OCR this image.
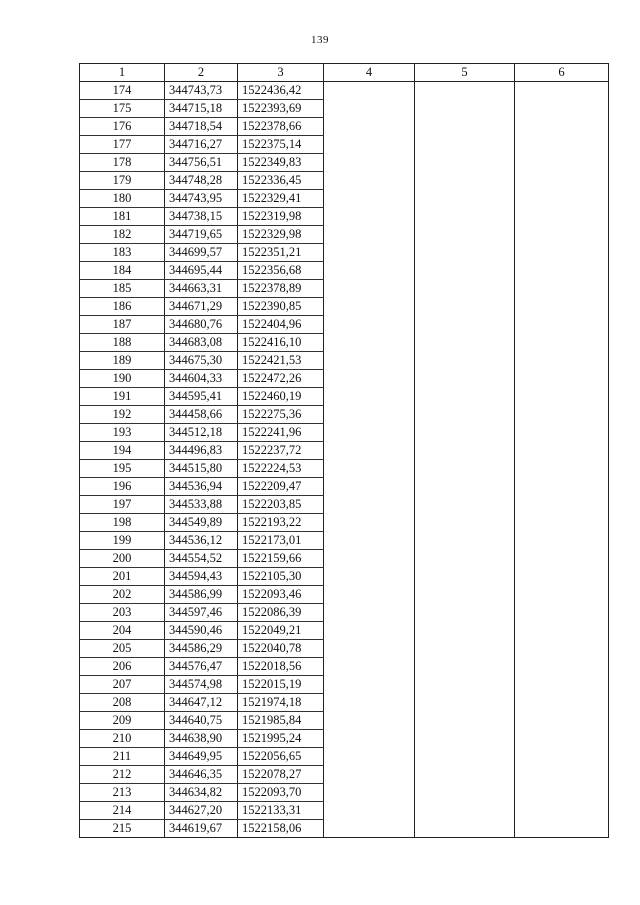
139
1	2	3	4	5	6
174	344743,73	1522436,42			
175	344715,18	1522393,69			
176	344718,54	1522378,66			
177	344716,27	1522375,14			
178	344756,51	1522349,83			
179	344748,28	1522336,45			
180	344743,95	1522329,41			
181	344738,15	1522319,98			
182	344719,65	1522329,98			
183	344699,57	1522351,21			
184	344695,44	1522356,68			
185	344663,31	1522378,89			
186	344671,29	1522390,85			
187	344680,76	1522404,96			
188	344683,08	1522416,10			
189	344675,30	1522421,53			
190	344604,33	1522472,26			
191	344595,41	1522460,19			
192	344458,66	1522275,36			
193	344512,18	1522241,96			
194	344496,83	1522237,72			
195	344515,80	1522224,53			
196	344536,94	1522209,47			
197	344533,88	1522203,85			
198	344549,89	1522193,22			
199	344536,12	1522173,01			
200	344554,52	1522159,66			
201	344594,43	1522105,30			
202	344586,99	1522093,46			
203	344597,46	1522086,39			
204	344590,46	1522049,21			
205	344586,29	1522040,78			
206	344576,47	1522018,56			
207	344574,98	1522015,19			
208	344647,12	1521974,18			
209	344640,75	1521985,84			
210	344638,90	1521995,24			
211	344649,95	1522056,65			
212	344646,35	1522078,27			
213	344634,82	1522093,70			
214	344627,20	1522133,31			
215	344619,67	1522158,06			
